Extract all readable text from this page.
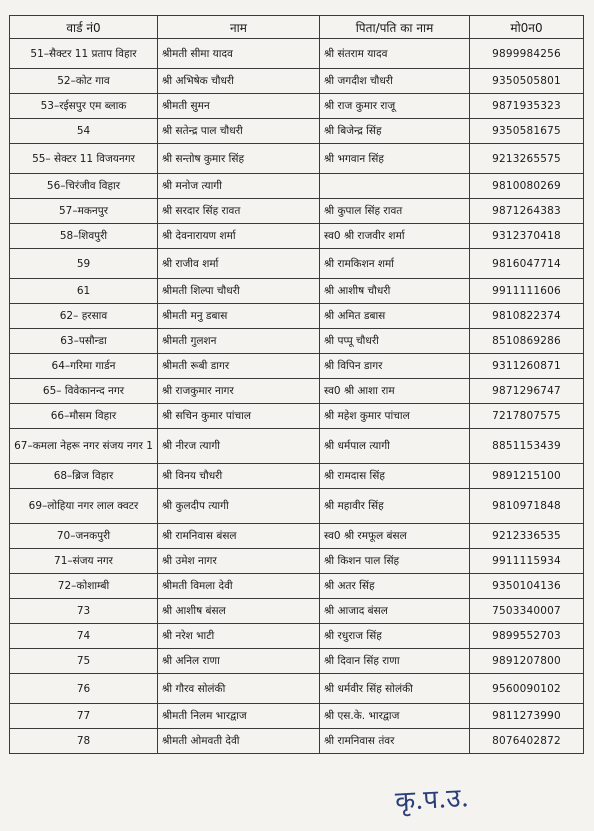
वार्ड नं0	नाम	पिता/पति का नाम	मो0न0
51–सैक्टर 11 प्रताप विहार	श्रीमती सीमा यादव	श्री संतराम यादव	9899984256
52–कोट गाव	श्री अभिषेक चौधरी	श्री जगदीश चौधरी	9350505801
53–रईसपुर एम ब्लाक	श्रीमती सुमन	श्री राज कुमार राजू	9871935323
54	श्री सतेन्द्र पाल चौधरी	श्री बिजेन्द्र सिंह	9350581675
55– सेक्टर 11 विजयनगर	श्री सन्तोष कुमार सिंह	श्री भगवान सिंह	9213265575
56–चिरंजीव विहार	श्री मनोज त्यागी		9810080269
57–मकनपुर	श्री सरदार सिंह रावत	श्री कुपाल सिंह रावत	9871264383
58–शिवपुरी	श्री देवनारायण शर्मा	स्व0 श्री राजवीर शर्मा	9312370418
59	श्री राजीव शर्मा	श्री रामकिशन शर्मा	9816047714
61	श्रीमती शिल्पा चौधरी	श्री आशीष चौधरी	9911111606
62– हरसाव	श्रीमती मनु डबास	श्री अमित डबास	9810822374
63–पसौन्डा	श्रीमती गुलशन	श्री पप्पू चौधरी	8510869286
64–गरिमा गार्डन	श्रीमती रूबी डागर	श्री विपिन डागर	9311260871
65– विवेकानन्द नगर	श्री राजकुमार नागर	स्व0 श्री आशा राम	9871296747
66–मौसम विहार	श्री सचिन कुमार पांचाल	श्री महेश कुमार पांचाल	7217807575
67–कमला नेहरू नगर संजय नगर 1	श्री नीरज त्यागी	श्री धर्मपाल त्यागी	8851153439
68–ब्रिज विहार	श्री विनय चौधरी	श्री रामदास सिंह	9891215100
69–लोहिया नगर लाल क्वटर	श्री कुलदीप त्यागी	श्री महावीर सिंह	9810971848
70–जनकपुरी	श्री रामनिवास बंसल	स्व0 श्री रमफूल बंसल	9212336535
71–संजय नगर	श्री उमेश नागर	श्री किशन पाल सिंह	9911115934
72–कोशाम्बी	श्रीमती विमला देवी	श्री अतर सिंह	9350104136
73	श्री आशीष बंसल	श्री आजाद बंसल	7503340007
74	श्री नरेश भाटी	श्री रधुराज सिंह	9899552703
75	श्री अनिल राणा	श्री दिवान सिंह राणा	9891207800
76	श्री गौरव सोलंकी	श्री धर्मवीर सिंह सोलंकी	9560090102
77	श्रीमती निलम भारद्वाज	श्री एस.के. भारद्वाज	9811273990
78	श्रीमती ओमवती देवी	श्री रामनिवास तंवर	8076402872
कृ.प.उ.
